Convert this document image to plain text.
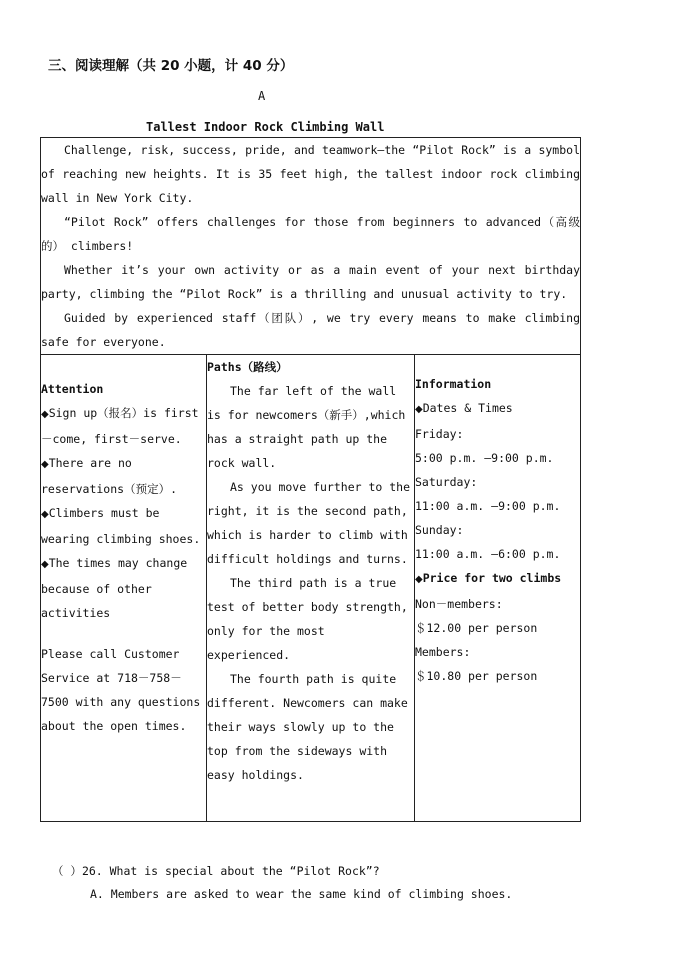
三、阅读理解（共 20 小题，计 40 分）
A
Tallest Indoor Rock Climbing Wall

Challenge, risk, success, pride, and teamwork—the “Pilot Rock” is a symbol of reaching new heights. It is 35 feet high, the tallest indoor rock climbing wall in New York City.

“Pilot Rock” offers challenges for those from beginners to advanced（高级的） climbers!

Whether it’s your own activity or as a main event of your next birthday party, climbing the “Pilot Rock” is a thrilling and unusual activity to try.

Guided by experienced staff（团队）, we try every means to make climbing safe for everyone.

Attention

◆Sign up（报名）is first－come, first－serve.

◆There are no reservations（预定）.

◆Climbers must be wearing climbing shoes.

◆The times may change because of other activities

Please call Customer Service at 718－758－7500 with any questions about the open times.

Paths（路线）

The far left of the wall is for newcomers（新手）,which has a straight path up the rock wall.

As you move further to the right, it is the second path, which is harder to climb with difficult holdings and turns.

The third path is a true test of better body strength, only for the most experienced.

The fourth path is quite different. Newcomers can make their ways slowly up to the top from the sideways with easy holdings.

Information

◆Dates & Times

Friday:

5:00 p.m. —9:00 p.m.

Saturday:

11:00 a.m. —9:00 p.m.

Sunday:

11:00 a.m. —6:00 p.m.

◆Price for two climbs

Non－members:

＄12.00 per person

Members:

＄10.80 per person

（ ）26. What is special about the “Pilot Rock”?
A. Members are asked to wear the same kind of climbing shoes.
